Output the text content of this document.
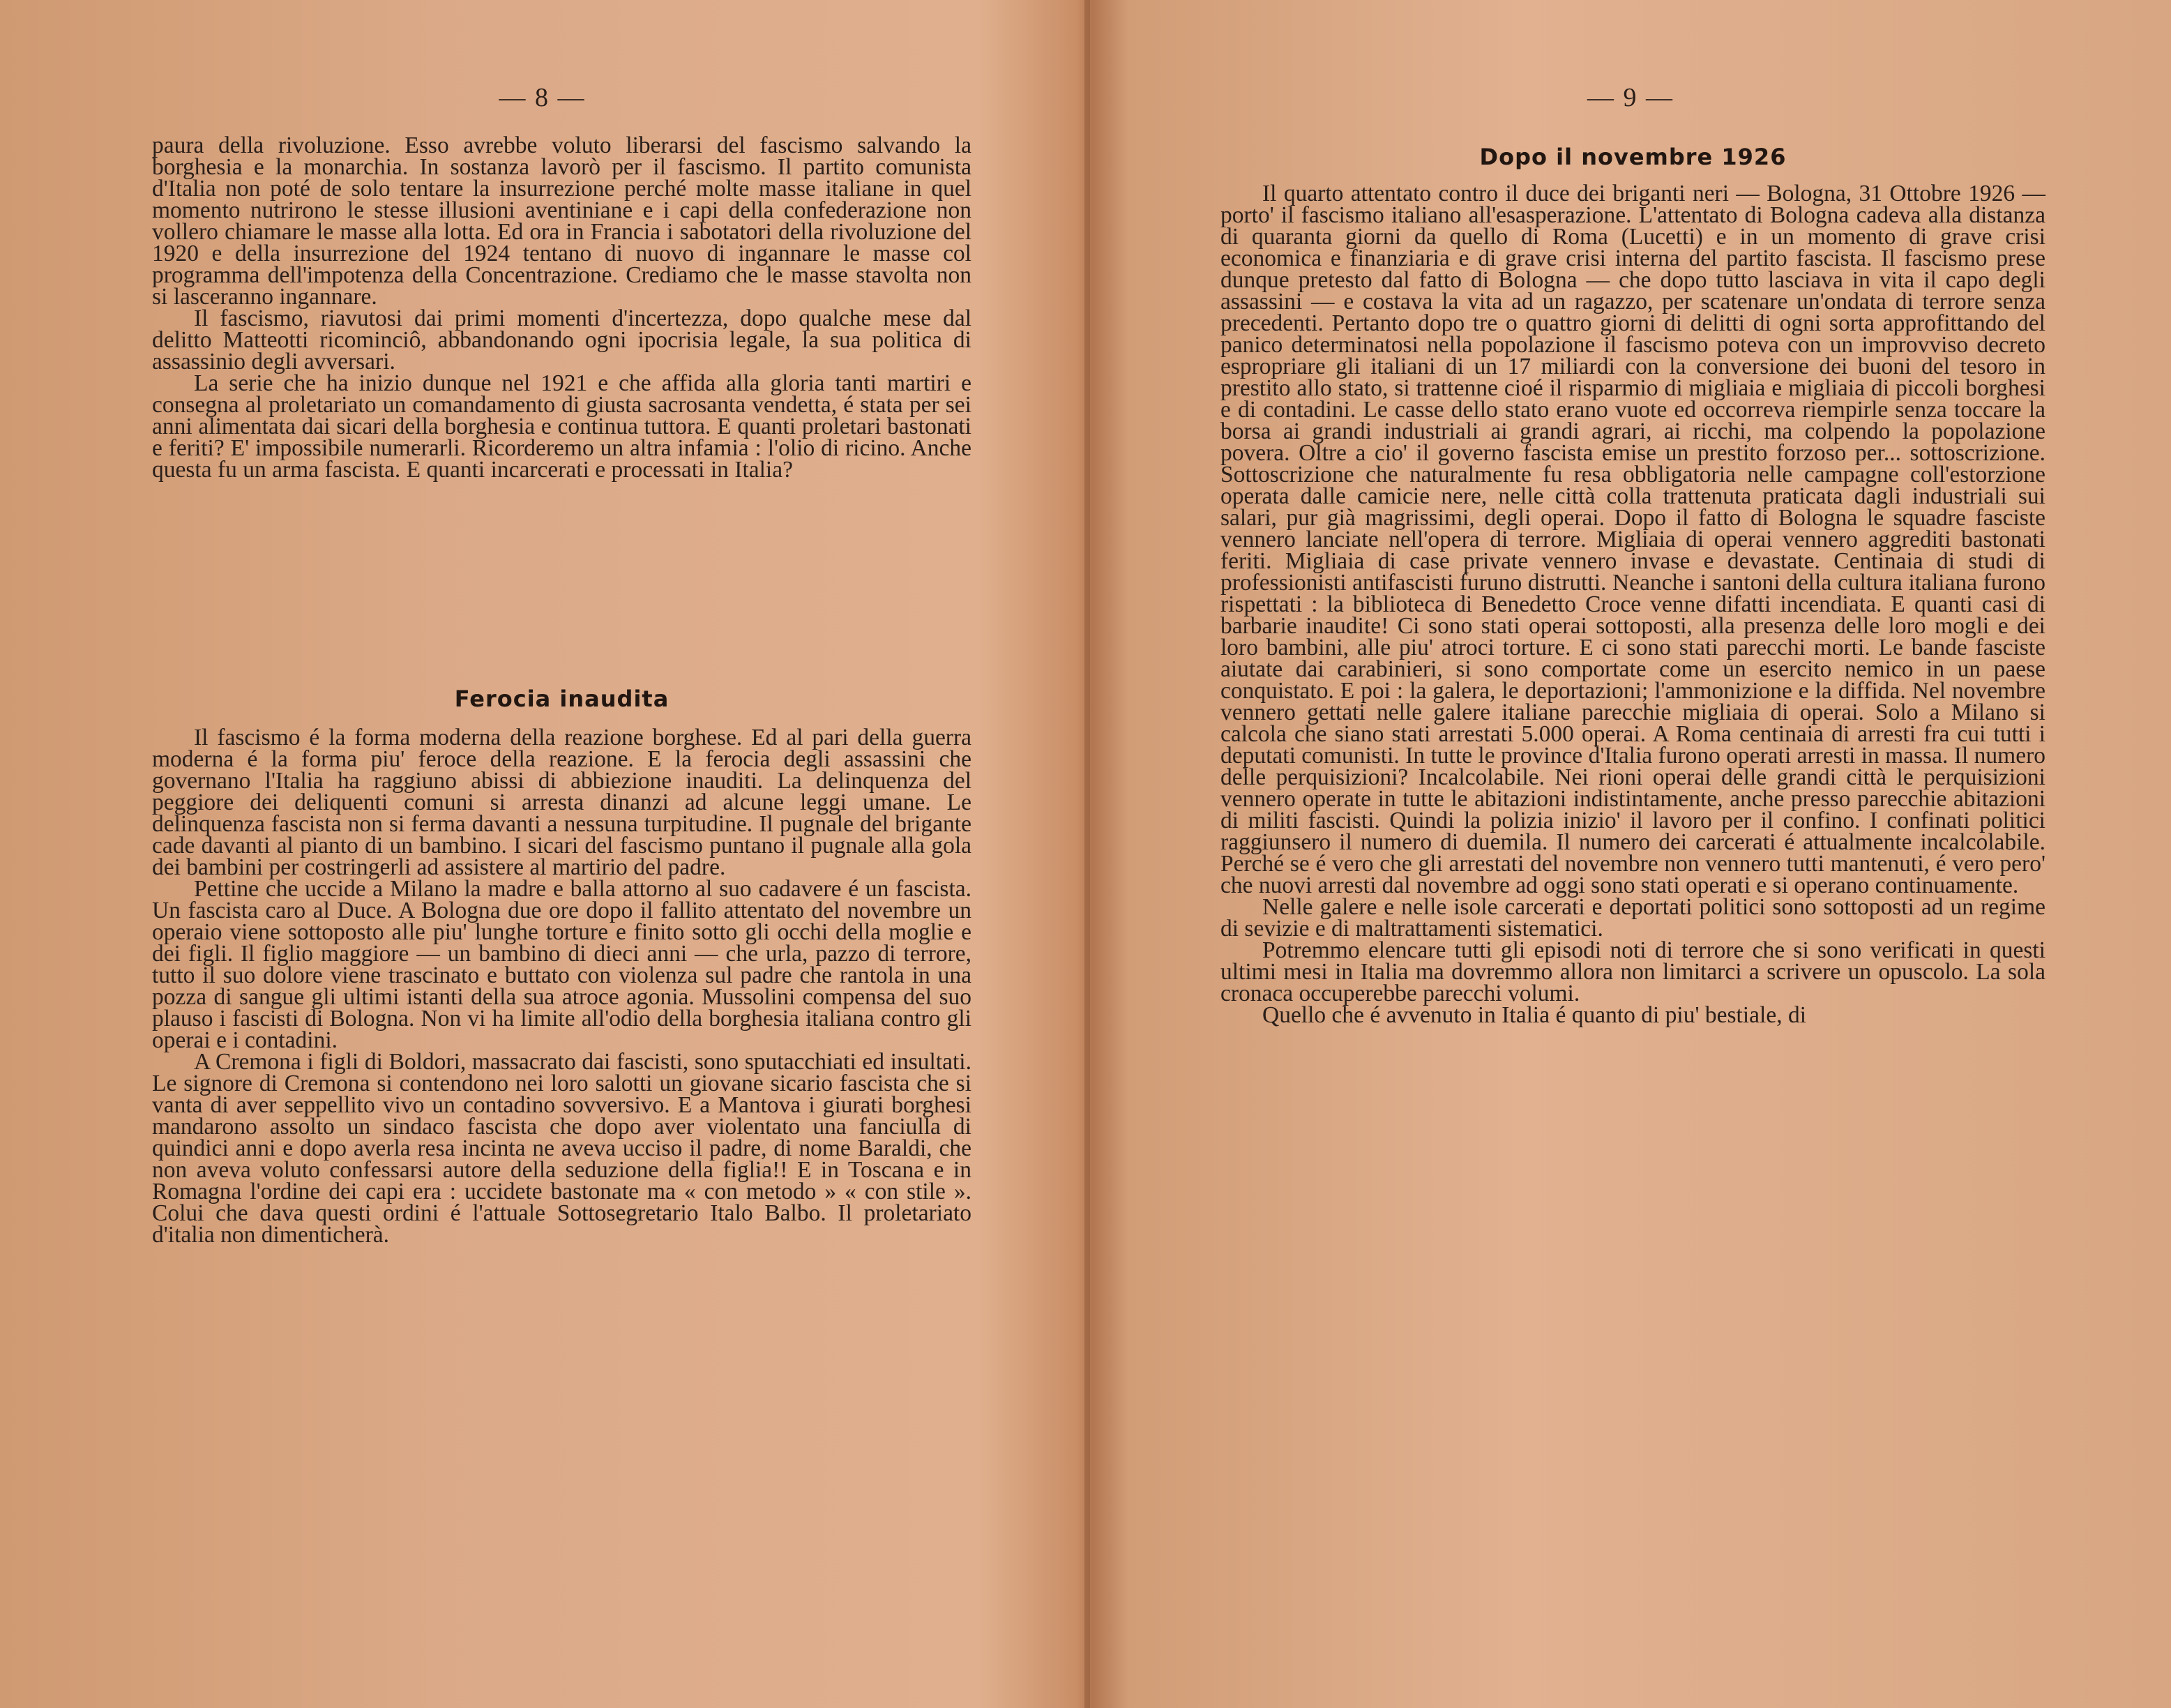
— 8 —

paura della rivoluzione. Esso avrebbe voluto liberarsi del fascismo salvando la borghesia e la monarchia. In sostanza lavorò per il fascismo. Il partito comunista d'Italia non poté de solo tentare la insurrezione perché molte masse italiane in quel momento nutrirono le stesse illusioni aventiniane e i capi della confederazione non vollero chiamare le masse alla lotta. Ed ora in Francia i sabotatori della rivoluzione del 1920 e della insurrezione del 1924 tentano di nuovo di ingannare le masse col programma dell'impotenza della Concentrazione. Crediamo che le masse stavolta non si lasceranno ingannare.

Il fascismo, riavutosi dai primi momenti d'incertezza, dopo qualche mese dal delitto Matteotti ricominciô, abbandonando ogni ipocrisia legale, la sua politica di assassinio degli avversari.

La serie che ha inizio dunque nel 1921 e che affida alla gloria tanti martiri e consegna al proletariato un comandamento di giusta sacrosanta vendetta, é stata per sei anni alimentata dai sicari della borghesia e continua tuttora. E quanti proletari bastonati e feriti? E' impossibile numerarli. Ricorderemo un altra infamia : l'olio di ricino. Anche questa fu un arma fascista. E quanti incarcerati e processati in Italia?

Ferocia inaudita

Il fascismo é la forma moderna della reazione borghese. Ed al pari della guerra moderna é la forma piu' feroce della reazione. E la ferocia degli assassini che governano l'Italia ha raggiuno abissi di abbiezione inauditi. La delinquenza del peggiore dei deliquenti comuni si arresta dinanzi ad alcune leggi umane. Le delinquenza fascista non si ferma davanti a nessuna turpitudine. Il pugnale del brigante cade davanti al pianto di un bambino. I sicari del fascismo puntano il pugnale alla gola dei bambini per costringerli ad assistere al martirio del padre.

Pettine che uccide a Milano la madre e balla attorno al suo cadavere é un fascista. Un fascista caro al Duce. A Bologna due ore dopo il fallito attentato del novembre un operaio viene sottoposto alle piu' lunghe torture e finito sotto gli occhi della moglie e dei figli. Il figlio maggiore — un bambino di dieci anni — che urla, pazzo di terrore, tutto il suo dolore viene trascinato e buttato con violenza sul padre che rantola in una pozza di sangue gli ultimi istanti della sua atroce agonia. Mussolini compensa del suo plauso i fascisti di Bologna. Non vi ha limite all'odio della borghesia italiana contro gli operai e i contadini.

A Cremona i figli di Boldori, massacrato dai fascisti, sono sputacchiati ed insultati. Le signore di Cremona si contendono nei loro salotti un giovane sicario fascista che si vanta di aver seppellito vivo un contadino sovversivo. E a Mantova i giurati borghesi mandarono assolto un sindaco fascista che dopo aver violentato una fanciulla di quindici anni e dopo averla resa incinta ne aveva ucciso il padre, di nome Baraldi, che non aveva voluto confessarsi autore della seduzione della figlia!! E in Toscana e in Romagna l'ordine dei capi era : uccidete bastonate ma « con metodo » « con stile ». Colui che dava questi ordini é l'attuale Sottosegretario Italo Balbo. Il proletariato d'italia non dimenticherà.

— 9 —
Dopo il novembre 1926

Il quarto attentato contro il duce dei briganti neri — Bologna, 31 Ottobre 1926 — porto' il fascismo italiano all'esasperazione. L'attentato di Bologna cadeva alla distanza di quaranta giorni da quello di Roma (Lucetti) e in un momento di grave crisi economica e finanziaria e di grave crisi interna del partito fascista. Il fascismo prese dunque pretesto dal fatto di Bologna — che dopo tutto lasciava in vita il capo degli assassini — e costava la vita ad un ragazzo, per scatenare un'ondata di terrore senza precedenti. Pertanto dopo tre o quattro giorni di delitti di ogni sorta approfittando del panico determinatosi nella popolazione il fascismo poteva con un improvviso decreto espropriare gli italiani di un 17 miliardi con la conversione dei buoni del tesoro in prestito allo stato, si trattenne cioé il risparmio di migliaia e migliaia di piccoli borghesi e di contadini. Le casse dello stato erano vuote ed occorreva riempirle senza toccare la borsa ai grandi industriali ai grandi agrari, ai ricchi, ma colpendo la popolazione povera. Oltre a cio' il governo fascista emise un prestito forzoso per... sottoscrizione. Sottoscrizione che naturalmente fu resa obbligatoria nelle campagne coll'estorzione operata dalle camicie nere, nelle città colla trattenuta praticata dagli industriali sui salari, pur già magrissimi, degli operai. Dopo il fatto di Bologna le squadre fasciste vennero lanciate nell'opera di terrore. Migliaia di operai vennero aggrediti bastonati feriti. Migliaia di case private vennero invase e devastate. Centinaia di studi di professionisti antifascisti furuno distrutti. Neanche i santoni della cultura italiana furono rispettati : la biblioteca di Benedetto Croce venne difatti incendiata. E quanti casi di barbarie inaudite! Ci sono stati operai sottoposti, alla presenza delle loro mogli e dei loro bambini, alle piu' atroci torture. E ci sono stati parecchi morti. Le bande fasciste aiutate dai carabinieri, si sono comportate come un esercito nemico in un paese conquistato. E poi : la galera, le deportazioni; l'ammonizione e la diffida. Nel novembre vennero gettati nelle galere italiane parecchie migliaia di operai. Solo a Milano si calcola che siano stati arrestati 5.000 operai. A Roma centinaia di arresti fra cui tutti i deputati comunisti. In tutte le province d'Italia furono operati arresti in massa. Il numero delle perquisizioni? Incalcolabile. Nei rioni operai delle grandi città le perquisizioni vennero operate in tutte le abitazioni indistintamente, anche presso parecchie abitazioni di militi fascisti. Quindi la polizia inizio' il lavoro per il confino. I confinati politici raggiunsero il numero di duemila. Il numero dei carcerati é attualmente incalcolabile. Perché se é vero che gli arrestati del novembre non vennero tutti mantenuti, é vero pero' che nuovi arresti dal novembre ad oggi sono stati operati e si operano continuamente.

Nelle galere e nelle isole carcerati e deportati politici sono sottoposti ad un regime di sevizie e di maltrattamenti sistematici.

Potremmo elencare tutti gli episodi noti di terrore che si sono verificati in questi ultimi mesi in Italia ma dovremmo allora non limitarci a scrivere un opuscolo. La sola cronaca occuperebbe parecchi volumi.

Quello che é avvenuto in Italia é quanto di piu' bestiale, di
